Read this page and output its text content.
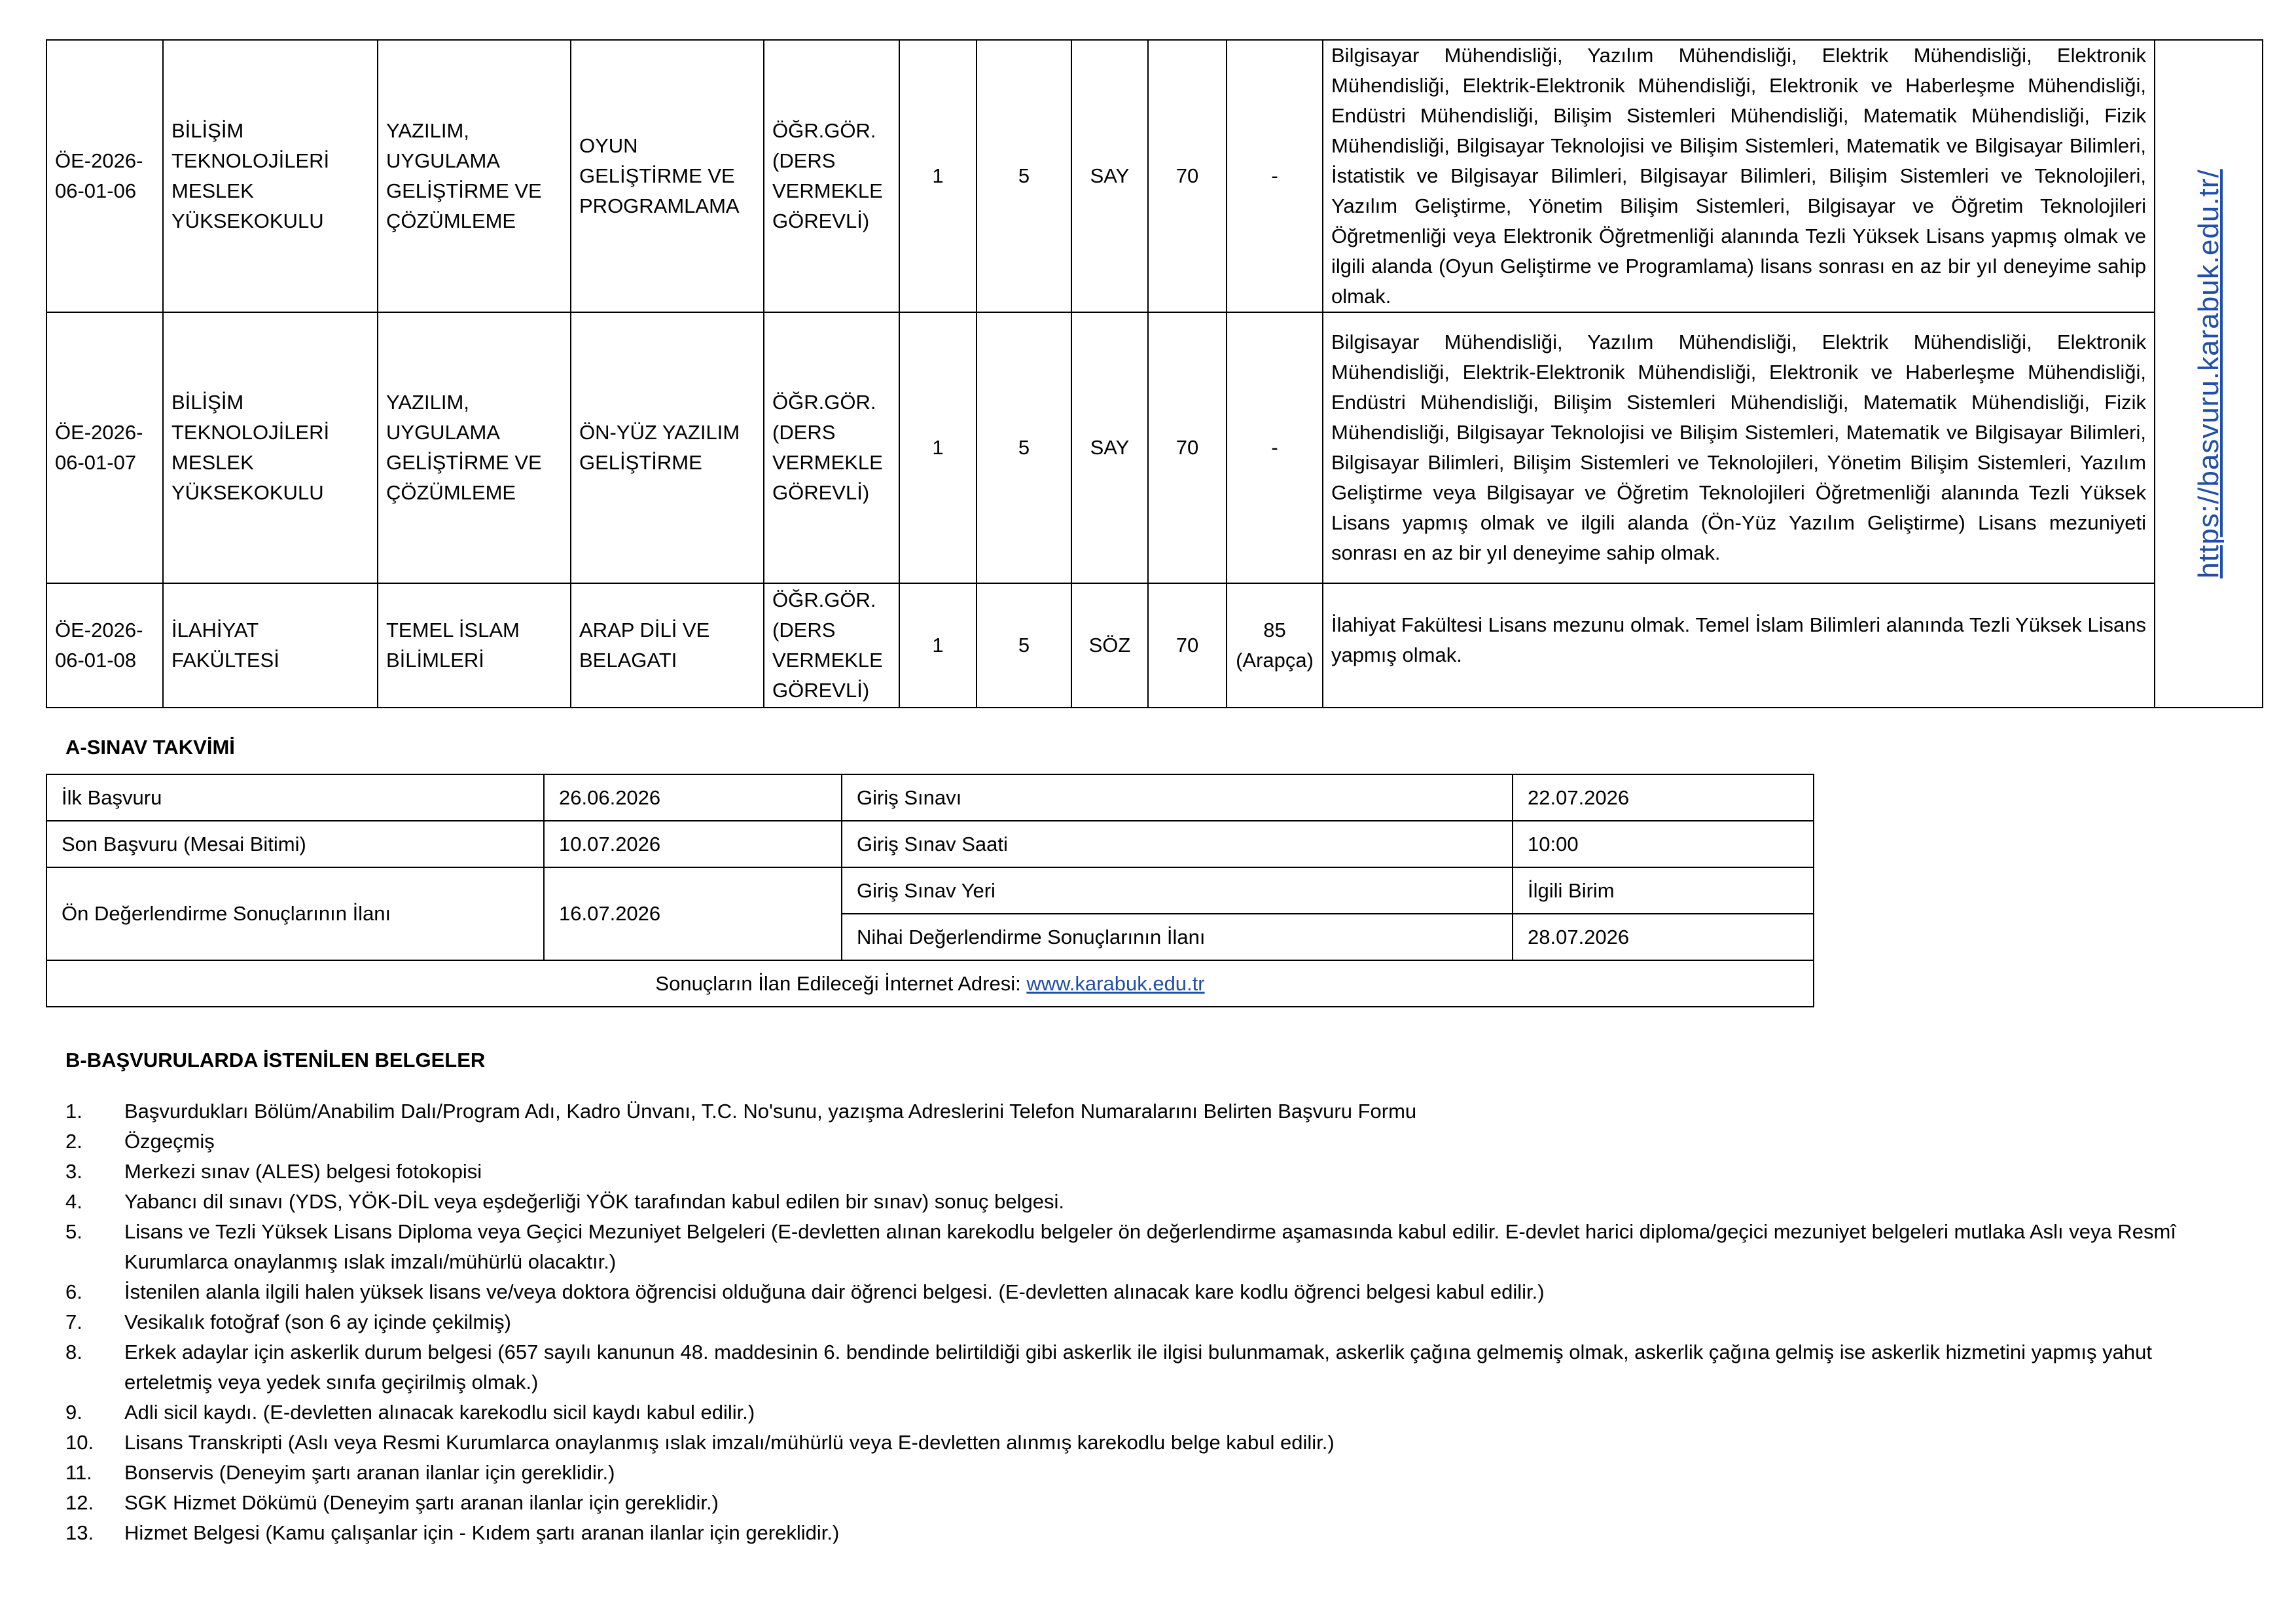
ÖE-2026-06-01-06	BİLİŞİM TEKNOLOJİLERİ MESLEK YÜKSEKOKULU	YAZILIM, UYGULAMA GELİŞTİRME VE ÇÖZÜMLEME	OYUN GELİŞTİRME VE PROGRAMLAMA	ÖĞR.GÖR. (DERS VERMEKLE GÖREVLİ)	1	5	SAY	70	-	Bilgisayar Mühendisliği, Yazılım Mühendisliği, Elektrik Mühendisliği, Elektronik Mühendisliği, Elektrik-Elektronik Mühendisliği, Elektronik ve Haberleşme Mühendisliği, Endüstri Mühendisliği, Bilişim Sistemleri Mühendisliği, Matematik Mühendisliği, Fizik Mühendisliği, Bilgisayar Teknolojisi ve Bilişim Sistemleri, Matematik ve Bilgisayar Bilimleri, İstatistik ve Bilgisayar Bilimleri, Bilgisayar Bilimleri, Bilişim Sistemleri ve Teknolojileri, Yazılım Geliştirme, Yönetim Bilişim Sistemleri, Bilgisayar ve Öğretim Teknolojileri Öğretmenliği veya Elektronik Öğretmenliği alanında Tezli Yüksek Lisans yapmış olmak ve ilgili alanda (Oyun Geliştirme ve Programlama) lisans sonrası en az bir yıl deneyime sahip olmak.	https://basvuru.karabuk.edu.tr/

ÖE-2026-06-01-07	BİLİŞİM TEKNOLOJİLERİ MESLEK YÜKSEKOKULU	YAZILIM, UYGULAMA GELİŞTİRME VE ÇÖZÜMLEME	ÖN-YÜZ YAZILIM GELİŞTİRME	ÖĞR.GÖR. (DERS VERMEKLE GÖREVLİ)	1	5	SAY	70	-	Bilgisayar Mühendisliği, Yazılım Mühendisliği, Elektrik Mühendisliği, Elektronik Mühendisliği, Elektrik-Elektronik Mühendisliği, Elektronik ve Haberleşme Mühendisliği, Endüstri Mühendisliği, Bilişim Sistemleri Mühendisliği, Matematik Mühendisliği, Fizik Mühendisliği, Bilgisayar Teknolojisi ve Bilişim Sistemleri, Matematik ve Bilgisayar Bilimleri, Bilgisayar Bilimleri, Bilişim Sistemleri ve Teknolojileri, Yönetim Bilişim Sistemleri, Yazılım Geliştirme veya Bilgisayar ve Öğretim Teknolojileri Öğretmenliği alanında Tezli Yüksek Lisans yapmış olmak ve ilgili alanda (Ön-Yüz Yazılım Geliştirme) Lisans mezuniyeti sonrası en az bir yıl deneyime sahip olmak.	
ÖE-2026-06-01-08	İLAHİYAT FAKÜLTESİ	TEMEL İSLAM BİLİMLERİ	ARAP DİLİ VE BELAGATI	ÖĞR.GÖR. (DERS VERMEKLE GÖREVLİ)	1	5	SÖZ	70	85 (Arapça)	İlahiyat Fakültesi Lisans mezunu olmak. Temel İslam Bilimleri alanında Tezli Yüksek Lisans yapmış olmak.	
A-SINAV TAKVİMİ
İlk Başvuru	26.06.2026	Giriş Sınavı	22.07.2026
Son Başvuru (Mesai Bitimi)	10.07.2026	Giriş Sınav Saati	10:00
Ön Değerlendirme Sonuçlarının İlanı	16.07.2026	Giriş Sınav Yeri	İlgili Birim
		Nihai Değerlendirme Sonuçlarının İlanı	28.07.2026
Sonuçların İlan Edileceği İnternet Adresi: www.karabuk.edu.tr			
B-BAŞVURULARDA İSTENİLEN BELGELER
1.	Başvurdukları Bölüm/Anabilim Dalı/Program Adı, Kadro Ünvanı, T.C. No'sunu, yazışma Adreslerini Telefon Numaralarını Belirten Başvuru Formu
2.	Özgeçmiş
3.	Merkezi sınav (ALES) belgesi fotokopisi
4.	Yabancı dil sınavı (YDS, YÖK-DİL veya eşdeğerliği YÖK tarafından kabul edilen bir sınav) sonuç belgesi.
5.	Lisans ve Tezli Yüksek Lisans Diploma veya Geçici Mezuniyet Belgeleri (E-devletten alınan karekodlu belgeler ön değerlendirme aşamasında kabul edilir. E-devlet harici diploma/geçici mezuniyet belgeleri mutlaka Aslı veya Resmî Kurumlarca onaylanmış ıslak imzalı/mühürlü olacaktır.)
6.	İstenilen alanla ilgili halen yüksek lisans ve/veya doktora öğrencisi olduğuna dair öğrenci belgesi. (E-devletten alınacak kare kodlu öğrenci belgesi kabul edilir.)
7.	Vesikalık fotoğraf (son 6 ay içinde çekilmiş)
8.	Erkek adaylar için askerlik durum belgesi (657 sayılı kanunun 48. maddesinin 6. bendinde belirtildiği gibi askerlik ile ilgisi bulunmamak, askerlik çağına gelmemiş olmak, askerlik çağına gelmiş ise askerlik hizmetini yapmış yahut erteletmiş veya yedek sınıfa geçirilmiş olmak.)
9.	Adli sicil kaydı. (E-devletten alınacak karekodlu sicil kaydı kabul edilir.)
10.	Lisans Transkripti (Aslı veya Resmi Kurumlarca onaylanmış ıslak imzalı/mühürlü veya E-devletten alınmış karekodlu belge kabul edilir.)
11.	Bonservis (Deneyim şartı aranan ilanlar için gereklidir.)
12.	SGK Hizmet Dökümü (Deneyim şartı aranan ilanlar için gereklidir.)
13.	Hizmet Belgesi (Kamu çalışanlar için - Kıdem şartı aranan ilanlar için gereklidir.)
